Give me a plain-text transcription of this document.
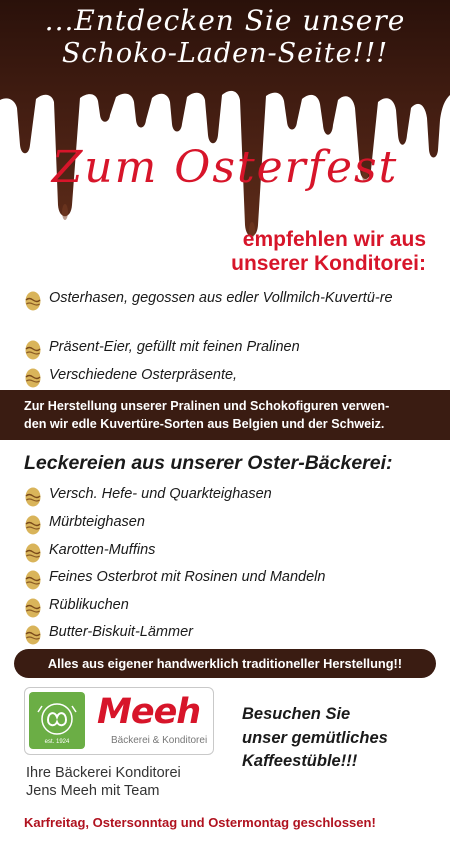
...Entdecken Sie unsere
Schoko-Laden-Seite!!!
Zum Osterfest
empfehlen wir aus
unserer Konditorei:
Osterhasen, gegossen aus edler Vollmilch-Kuvertü-re
Präsent-Eier, gefüllt mit feinen Pralinen
Verschiedene Osterpräsente,
Zur Herstellung unserer Pralinen und Schokofiguren verwen-
den wir edle Kuvertüre-Sorten aus Belgien und der Schweiz.
Leckereien aus unserer Oster-Bäckerei:
Versch. Hefe- und Quarkteighasen
Mürbteighasen
Karotten-Muffins
Feines Osterbrot mit Rosinen und Mandeln
Rüblikuchen
Butter-Biskuit-Lämmer
Alles aus eigener handwerklich traditioneller Herstellung!!
est. 1924
Meeh
Bäckerei & Konditorei
Ihre Bäckerei Konditorei
Jens Meeh mit Team
Besuchen Sie
unser gemütliches
Kaffeestüble!!!
Karfreitag, Ostersonntag und Ostermontag geschlossen!
